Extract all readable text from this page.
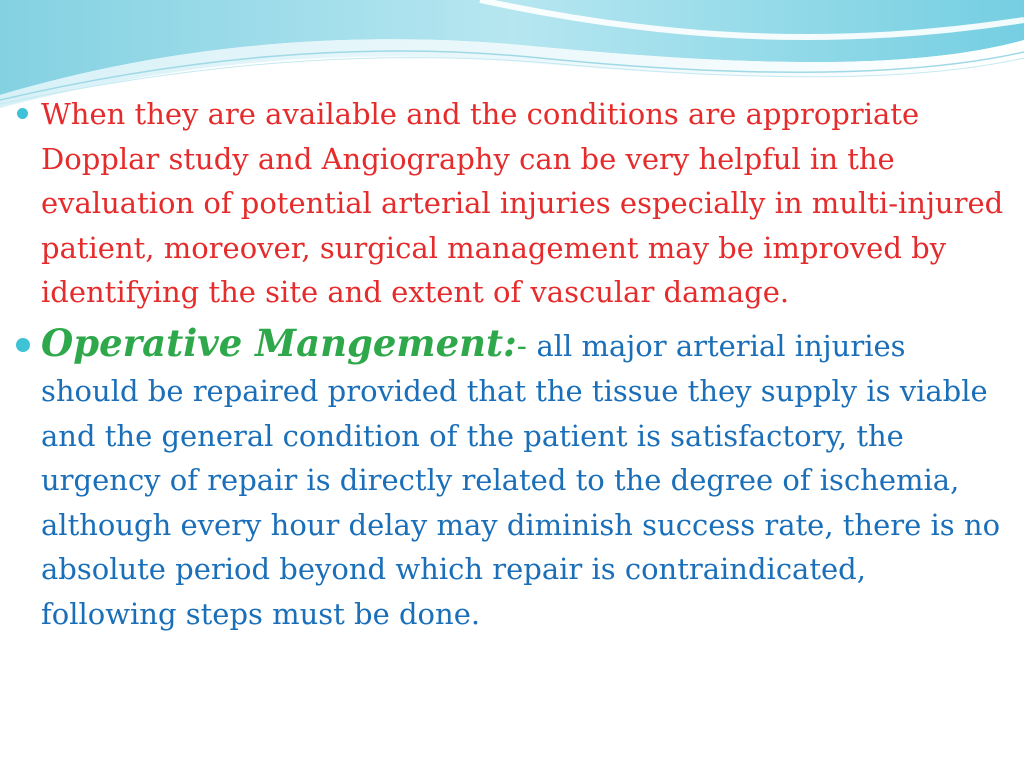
When they are available and the conditions are appropriate Dopplar study and Angiography can be very helpful in the evaluation of potential arterial injuries especially in multi-injured patient, moreover, surgical management may be improved by identifying the site and extent of vascular damage.
Operative Mangement:- all major arterial injuries should be repaired provided that the tissue they supply is viable and the general condition of the patient is satisfactory, the urgency of repair is directly related to the degree of ischemia, although every hour delay may diminish success rate, there is no absolute period beyond which repair is contraindicated, following steps must be done.
